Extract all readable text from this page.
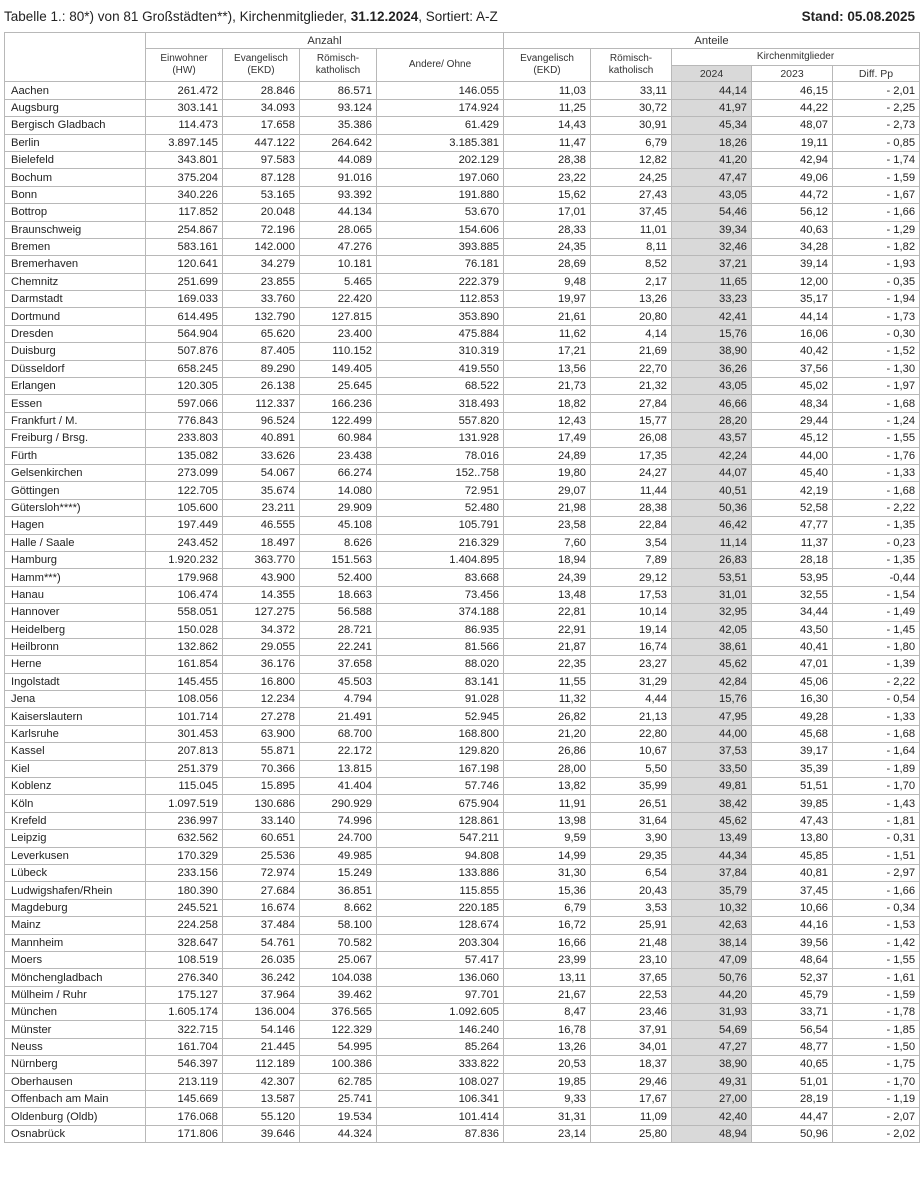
Tabelle 1.: 80*) von 81 Großstädten**), Kirchenmitglieder, 31.12.2024, Sortiert: A-Z	Stand: 05.08.2025
	Anzahl				Anteile				
	Einwohner (HW)	Evangelisch (EKD)	Römisch-katholisch	Andere/ Ohne	Evangelisch (EKD)	Römisch-katholisch	Kirchenmitglieder		
							2024	2023	Diff. Pp
Aachen	261.472	28.846	86.571	146.055	11,03	33,11	44,14	46,15	- 2,01
Augsburg	303.141	34.093	93.124	174.924	11,25	30,72	41,97	44,22	- 2,25
Bergisch Gladbach	114.473	17.658	35.386	61.429	14,43	30,91	45,34	48,07	- 2,73
Berlin	3.897.145	447.122	264.642	3.185.381	11,47	6,79	18,26	19,11	- 0,85
Bielefeld	343.801	97.583	44.089	202.129	28,38	12,82	41,20	42,94	- 1,74
Bochum	375.204	87.128	91.016	197.060	23,22	24,25	47,47	49,06	- 1,59
Bonn	340.226	53.165	93.392	191.880	15,62	27,43	43,05	44,72	- 1,67
Bottrop	117.852	20.048	44.134	53.670	17,01	37,45	54,46	56,12	- 1,66
Braunschweig	254.867	72.196	28.065	154.606	28,33	11,01	39,34	40,63	- 1,29
Bremen	583.161	142.000	47.276	393.885	24,35	8,11	32,46	34,28	- 1,82
Bremerhaven	120.641	34.279	10.181	76.181	28,69	8,52	37,21	39,14	- 1,93
Chemnitz	251.699	23.855	5.465	222.379	9,48	2,17	11,65	12,00	- 0,35
Darmstadt	169.033	33.760	22.420	112.853	19,97	13,26	33,23	35,17	- 1,94
Dortmund	614.495	132.790	127.815	353.890	21,61	20,80	42,41	44,14	- 1,73
Dresden	564.904	65.620	23.400	475.884	11,62	4,14	15,76	16,06	- 0,30
Duisburg	507.876	87.405	110.152	310.319	17,21	21,69	38,90	40,42	- 1,52
Düsseldorf	658.245	89.290	149.405	419.550	13,56	22,70	36,26	37,56	- 1,30
Erlangen	120.305	26.138	25.645	68.522	21,73	21,32	43,05	45,02	- 1,97
Essen	597.066	112.337	166.236	318.493	18,82	27,84	46,66	48,34	- 1,68
Frankfurt / M.	776.843	96.524	122.499	557.820	12,43	15,77	28,20	29,44	- 1,24
Freiburg / Brsg.	233.803	40.891	60.984	131.928	17,49	26,08	43,57	45,12	- 1,55
Fürth	135.082	33.626	23.438	78.016	24,89	17,35	42,24	44,00	- 1,76
Gelsenkirchen	273.099	54.067	66.274	152..758	19,80	24,27	44,07	45,40	- 1,33
Göttingen	122.705	35.674	14.080	72.951	29,07	11,44	40,51	42,19	- 1,68
Gütersloh****)	105.600	23.211	29.909	52.480	21,98	28,38	50,36	52,58	- 2,22
Hagen	197.449	46.555	45.108	105.791	23,58	22,84	46,42	47,77	- 1,35
Halle / Saale	243.452	18.497	8.626	216.329	7,60	3,54	11,14	11,37	- 0,23
Hamburg	1.920.232	363.770	151.563	1.404.895	18,94	7,89	26,83	28,18	- 1,35
Hamm***)	179.968	43.900	52.400	83.668	24,39	29,12	53,51	53,95	-0,44
Hanau	106.474	14.355	18.663	73.456	13,48	17,53	31,01	32,55	- 1,54
Hannover	558.051	127.275	56.588	374.188	22,81	10,14	32,95	34,44	- 1,49
Heidelberg	150.028	34.372	28.721	86.935	22,91	19,14	42,05	43,50	- 1,45
Heilbronn	132.862	29.055	22.241	81.566	21,87	16,74	38,61	40,41	- 1,80
Herne	161.854	36.176	37.658	88.020	22,35	23,27	45,62	47,01	- 1,39
Ingolstadt	145.455	16.800	45.503	83.141	11,55	31,29	42,84	45,06	- 2,22
Jena	108.056	12.234	4.794	91.028	11,32	4,44	15,76	16,30	- 0,54
Kaiserslautern	101.714	27.278	21.491	52.945	26,82	21,13	47,95	49,28	- 1,33
Karlsruhe	301.453	63.900	68.700	168.800	21,20	22,80	44,00	45,68	- 1,68
Kassel	207.813	55.871	22.172	129.820	26,86	10,67	37,53	39,17	- 1,64
Kiel	251.379	70.366	13.815	167.198	28,00	5,50	33,50	35,39	- 1,89
Koblenz	115.045	15.895	41.404	57.746	13,82	35,99	49,81	51,51	- 1,70
Köln	1.097.519	130.686	290.929	675.904	11,91	26,51	38,42	39,85	- 1,43
Krefeld	236.997	33.140	74.996	128.861	13,98	31,64	45,62	47,43	- 1,81
Leipzig	632.562	60.651	24.700	547.211	9,59	3,90	13,49	13,80	- 0,31
Leverkusen	170.329	25.536	49.985	94.808	14,99	29,35	44,34	45,85	- 1,51
Lübeck	233.156	72.974	15.249	133.886	31,30	6,54	37,84	40,81	- 2,97
Ludwigshafen/Rhein	180.390	27.684	36.851	115.855	15,36	20,43	35,79	37,45	- 1,66
Magdeburg	245.521	16.674	8.662	220.185	6,79	3,53	10,32	10,66	- 0,34
Mainz	224.258	37.484	58.100	128.674	16,72	25,91	42,63	44,16	- 1,53
Mannheim	328.647	54.761	70.582	203.304	16,66	21,48	38,14	39,56	- 1,42
Moers	108.519	26.035	25.067	57.417	23,99	23,10	47,09	48,64	- 1,55
Mönchengladbach	276.340	36.242	104.038	136.060	13,11	37,65	50,76	52,37	- 1,61
Mülheim / Ruhr	175.127	37.964	39.462	97.701	21,67	22,53	44,20	45,79	- 1,59
München	1.605.174	136.004	376.565	1.092.605	8,47	23,46	31,93	33,71	- 1,78
Münster	322.715	54.146	122.329	146.240	16,78	37,91	54,69	56,54	- 1,85
Neuss	161.704	21.445	54.995	85.264	13,26	34,01	47,27	48,77	- 1,50
Nürnberg	546.397	112.189	100.386	333.822	20,53	18,37	38,90	40,65	- 1,75
Oberhausen	213.119	42.307	62.785	108.027	19,85	29,46	49,31	51,01	- 1,70
Offenbach am Main	145.669	13.587	25.741	106.341	9,33	17,67	27,00	28,19	- 1,19
Oldenburg (Oldb)	176.068	55.120	19.534	101.414	31,31	11,09	42,40	44,47	- 2,07
Osnabrück	171.806	39.646	44.324	87.836	23,14	25,80	48,94	50,96	- 2,02
